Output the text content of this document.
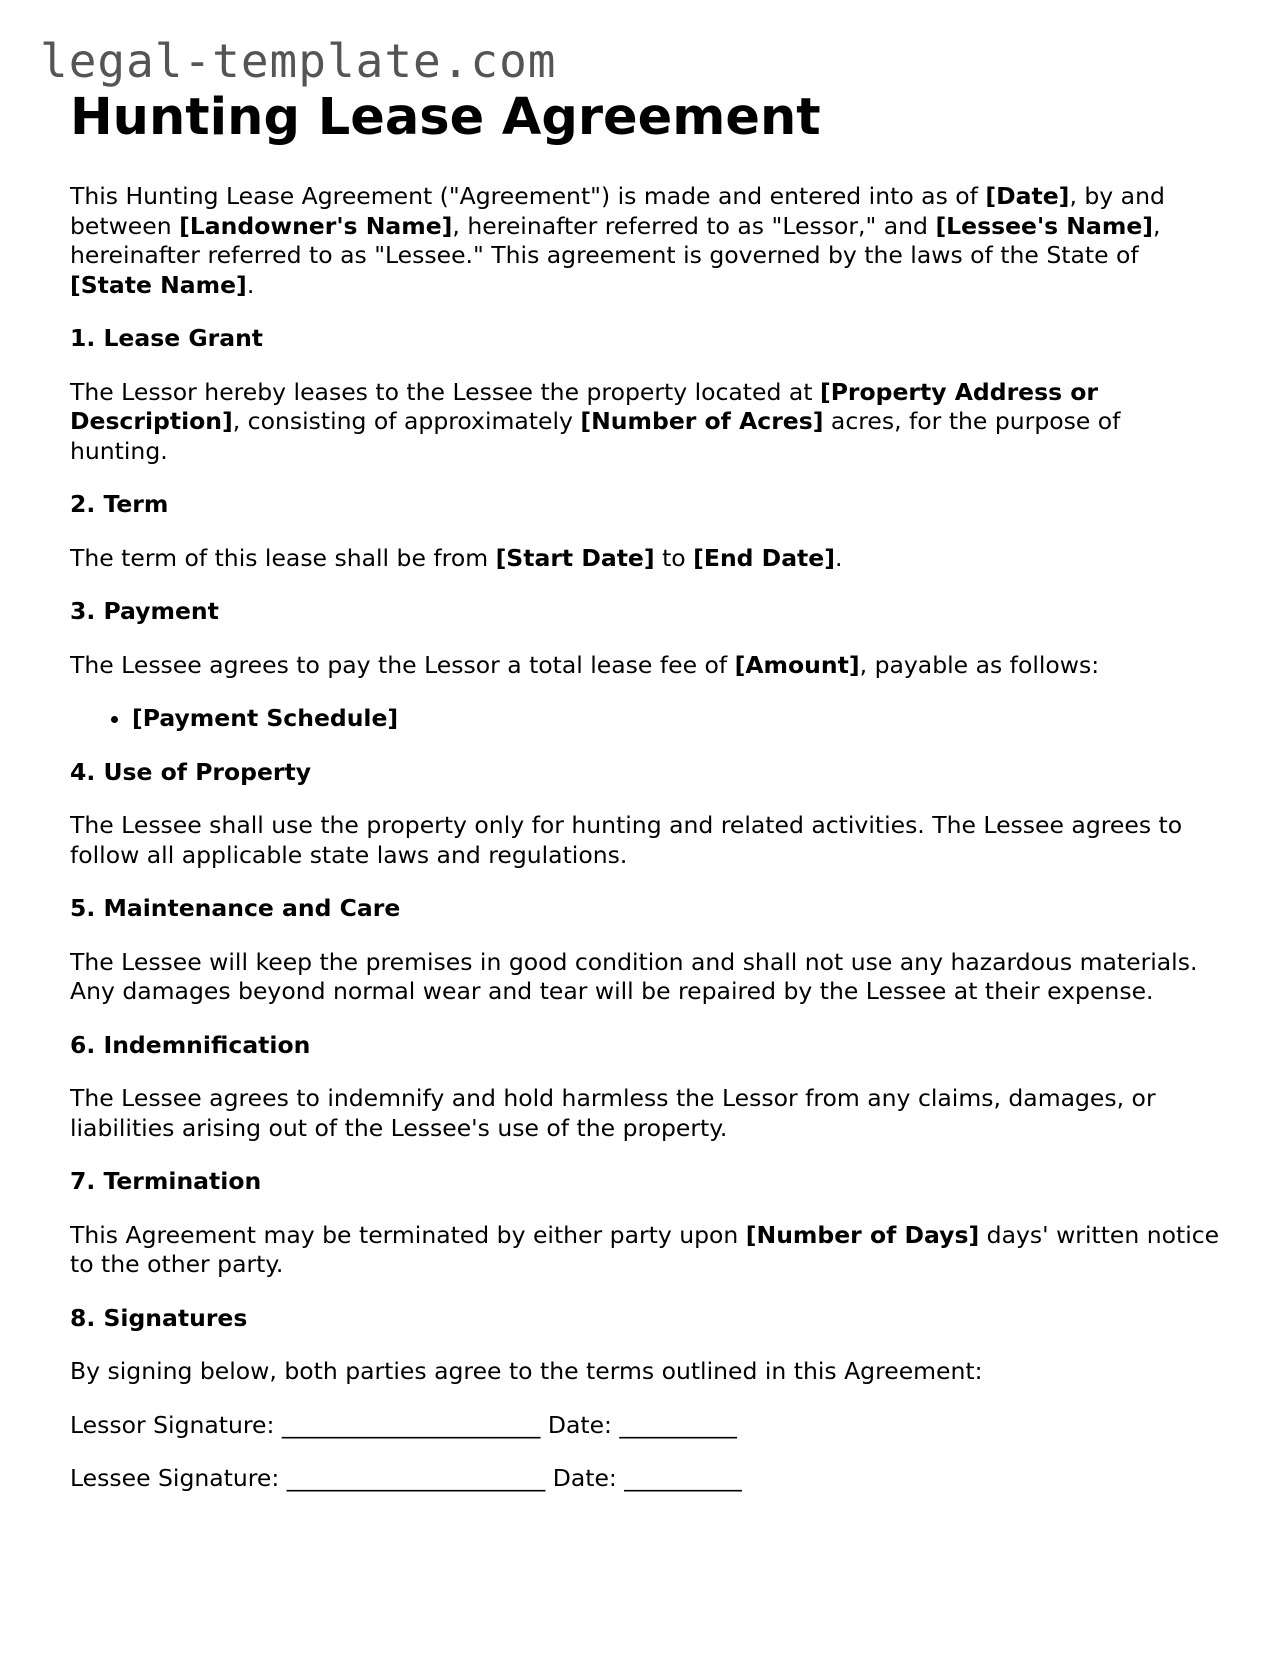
legal-template.com
Hunting Lease Agreement

This Hunting Lease Agreement ("Agreement") is made and entered into as of [Date], by and between [Landowner's Name], hereinafter referred to as "Lessor," and [Lessee's Name], hereinafter referred to as "Lessee." This agreement is governed by the laws of the State of [State Name].

1. Lease Grant

The Lessor hereby leases to the Lessee the property located at [Property Address or Description], consisting of approximately [Number of Acres] acres, for the purpose of hunting.

2. Term

The term of this lease shall be from [Start Date] to [End Date].

3. Payment

The Lessee agrees to pay the Lessor a total lease fee of [Amount], payable as follows:

• [Payment Schedule]
4. Use of Property

The Lessee shall use the property only for hunting and related activities. The Lessee agrees to follow all applicable state laws and regulations.

5. Maintenance and Care

The Lessee will keep the premises in good condition and shall not use any hazardous materials. Any damages beyond normal wear and tear will be repaired by the Lessee at their expense.

6. Indemnification

The Lessee agrees to indemnify and hold harmless the Lessor from any claims, damages, or liabilities arising out of the Lessee's use of the property.

7. Termination

This Agreement may be terminated by either party upon [Number of Days] days' written notice to the other party.

8. Signatures

By signing below, both parties agree to the terms outlined in this Agreement:

Lessor Signature: ______________________ Date: __________

Lessee Signature: ______________________ Date: __________
